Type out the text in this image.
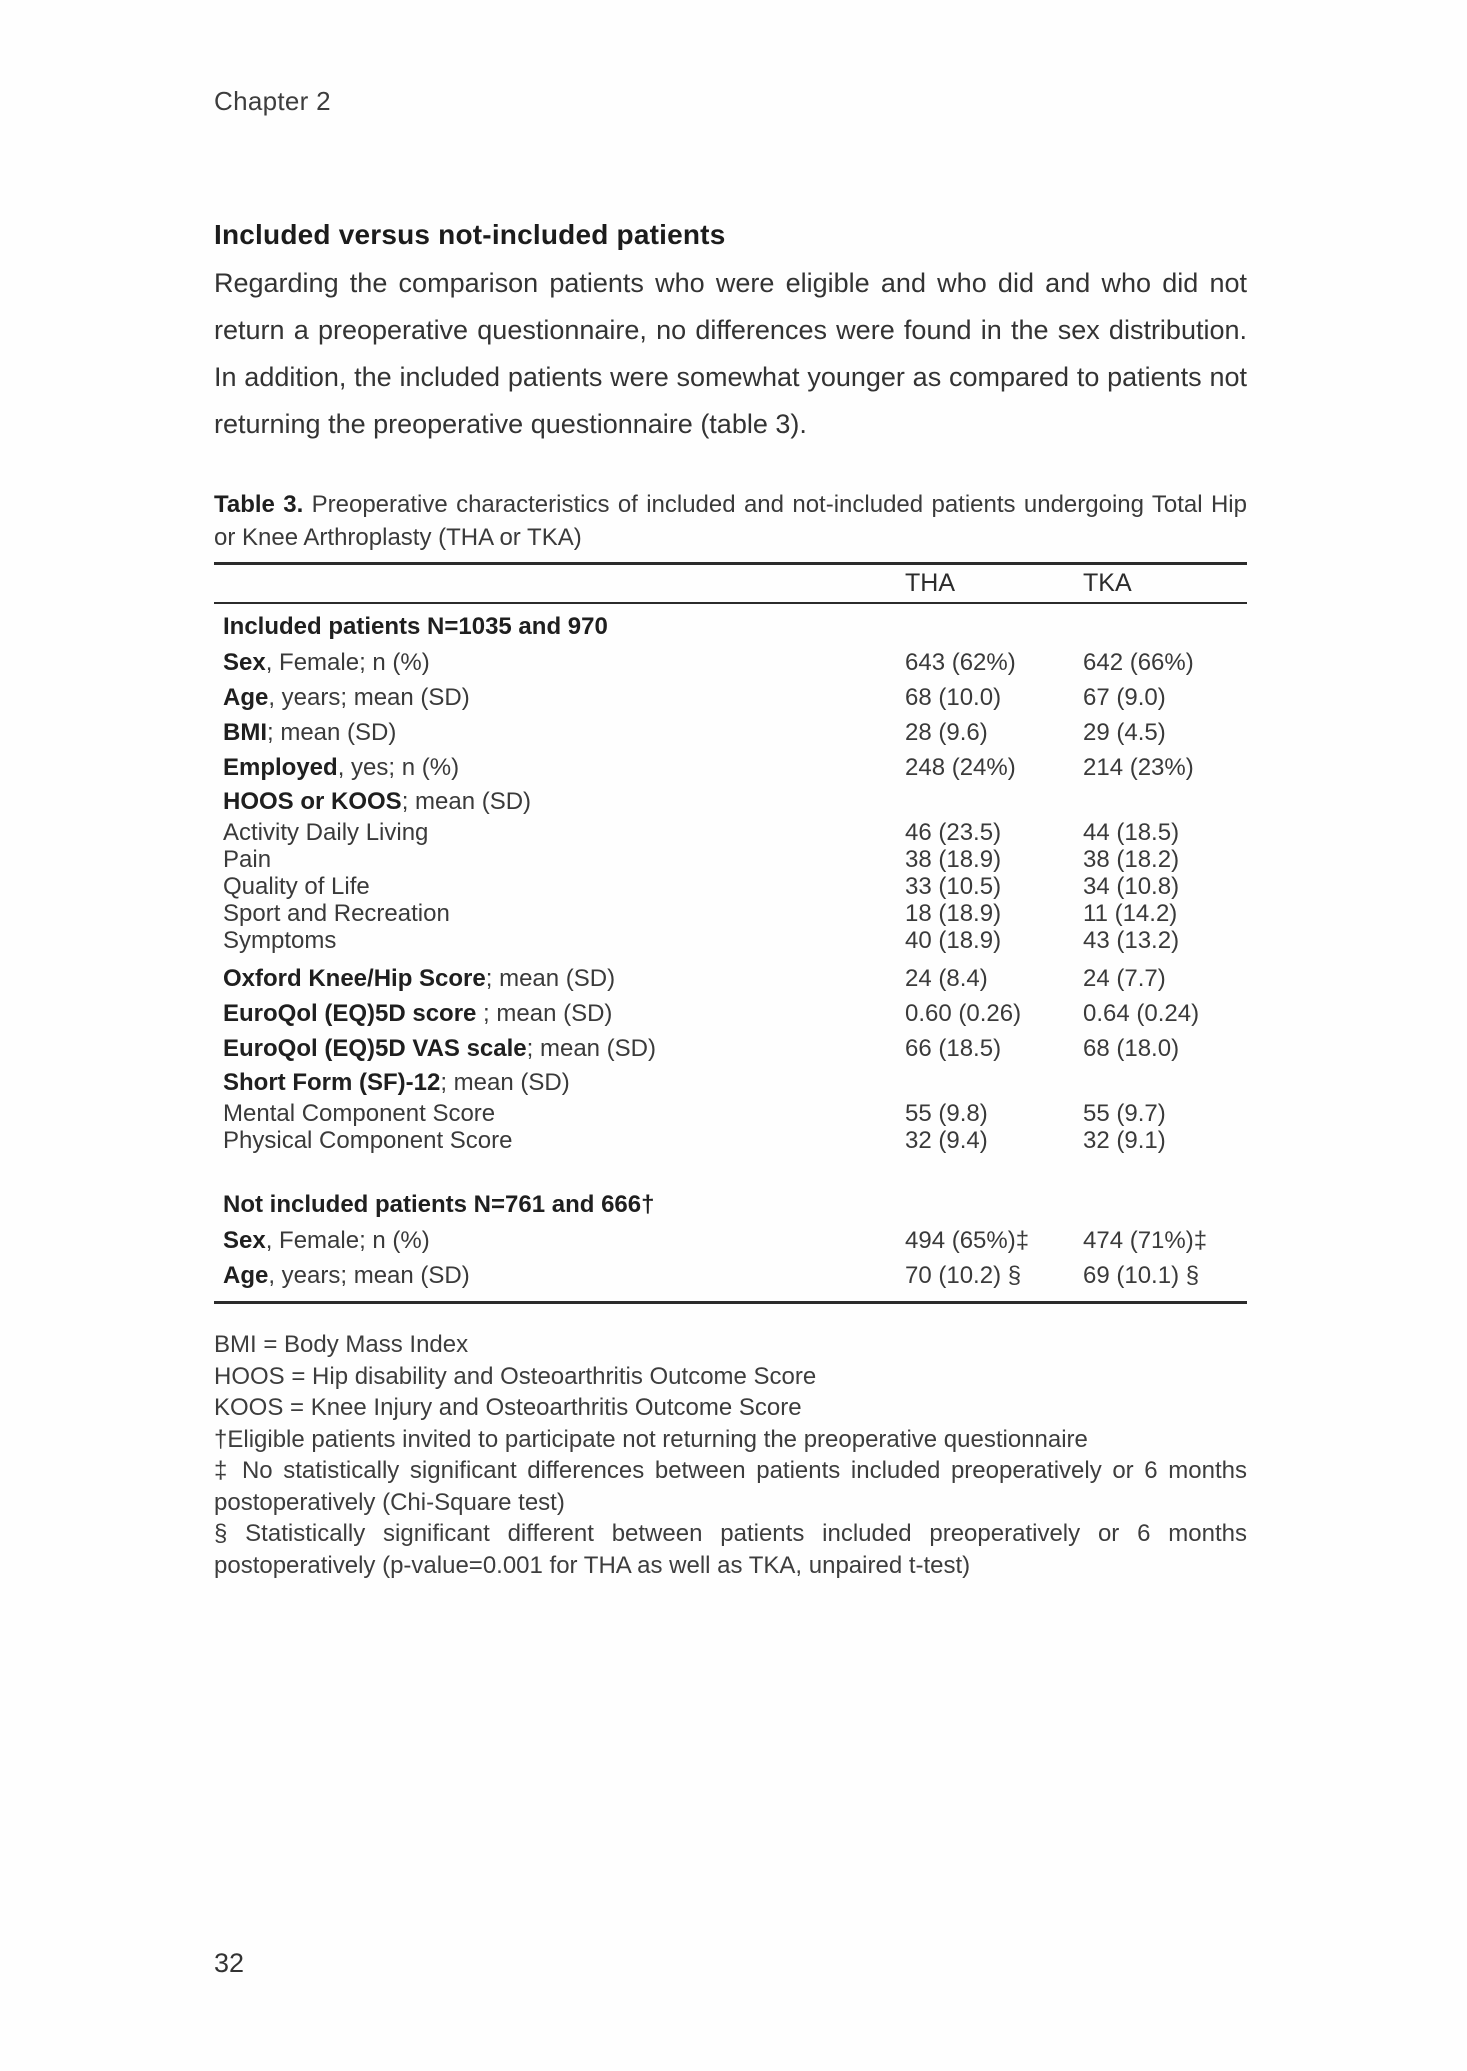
Chapter 2
Included versus not-included patients
Regarding the comparison patients who were eligible and who did and who did not return a preoperative questionnaire, no differences were found in the sex distribution. In addition, the included patients were somewhat younger as compared to patients not returning the preoperative questionnaire (table 3).
Table 3. Preoperative characteristics of included and not-included patients undergoing Total Hip or Knee Arthroplasty (THA or TKA)
THA	TKA
Included patients N=1035 and 970
Sex, Female; n (%)	643 (62%)	642 (66%)
Age, years; mean (SD)	68 (10.0)	67 (9.0)
BMI; mean (SD)	28 (9.6)	29 (4.5)
Employed, yes; n (%)	248 (24%)	214 (23%)
HOOS or KOOS; mean (SD)
Activity Daily Living	46 (23.5)	44 (18.5)
Pain	38 (18.9)	38 (18.2)
Quality of Life	33 (10.5)	34 (10.8)
Sport and Recreation	18 (18.9)	11 (14.2)
Symptoms	40 (18.9)	43 (13.2)
Oxford Knee/Hip Score; mean (SD)	24 (8.4)	24 (7.7)
EuroQol (EQ)5D score ; mean (SD)	0.60 (0.26)	0.64 (0.24)
EuroQol (EQ)5D VAS scale; mean (SD)	66 (18.5)	68 (18.0)
Short Form (SF)-12; mean (SD)
Mental Component Score	55 (9.8)	55 (9.7)
Physical Component Score	32 (9.4)	32 (9.1)
Not included patients N=761 and 666†
Sex, Female; n (%)	494 (65%)‡	474 (71%)‡
Age, years; mean (SD)	70 (10.2) §	69 (10.1) §
BMI = Body Mass Index
HOOS = Hip disability and Osteoarthritis Outcome Score
KOOS = Knee Injury and Osteoarthritis Outcome Score
†Eligible patients invited to participate not returning the preoperative questionnaire
‡ No statistically significant differences between patients included preoperatively or 6 months postoperatively (Chi-Square test)
§ Statistically significant different between patients included preoperatively or 6 months postoperatively (p-value=0.001 for THA as well as TKA, unpaired t-test)
32
